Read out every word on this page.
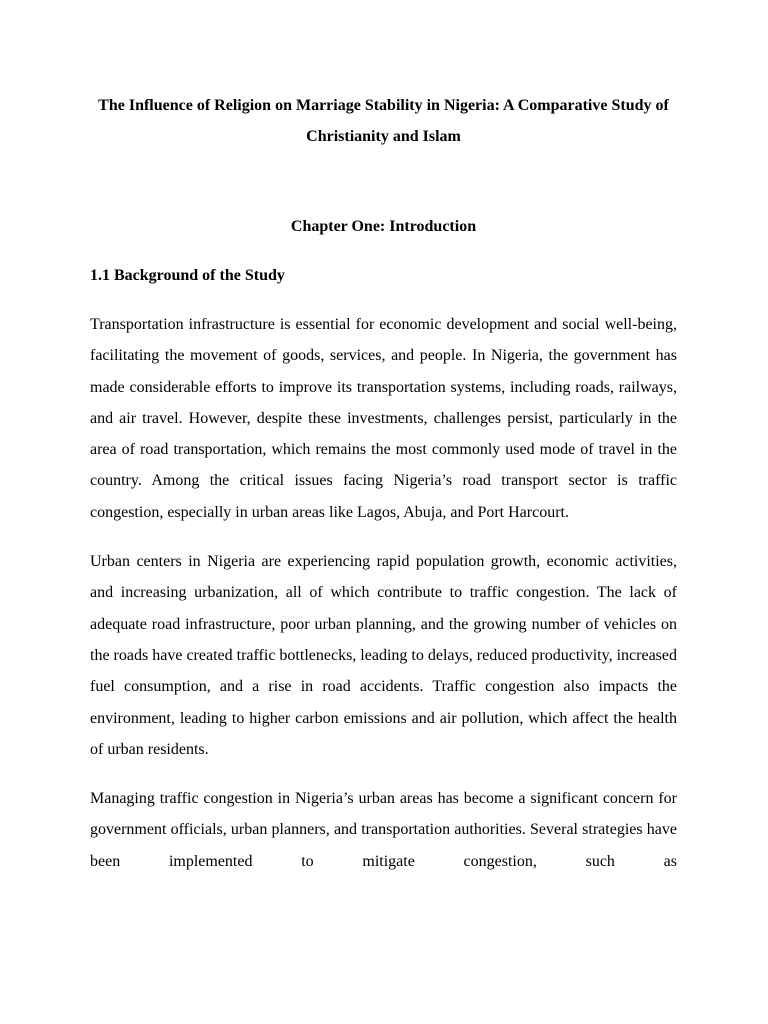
The Influence of Religion on Marriage Stability in Nigeria: A Comparative Study of Christianity and Islam
Chapter One: Introduction
1.1 Background of the Study

Transportation infrastructure is essential for economic development and social well-being, facilitating the movement of goods, services, and people. In Nigeria, the government has made considerable efforts to improve its transportation systems, including roads, railways, and air travel. However, despite these investments, challenges persist, particularly in the area of road transportation, which remains the most commonly used mode of travel in the country. Among the critical issues facing Nigeria’s road transport sector is traffic congestion, especially in urban areas like Lagos, Abuja, and Port Harcourt.

Urban centers in Nigeria are experiencing rapid population growth, economic activities, and increasing urbanization, all of which contribute to traffic congestion. The lack of adequate road infrastructure, poor urban planning, and the growing number of vehicles on the roads have created traffic bottlenecks, leading to delays, reduced productivity, increased fuel consumption, and a rise in road accidents. Traffic congestion also impacts the environment, leading to higher carbon emissions and air pollution, which affect the health of urban residents.

Managing traffic congestion in Nigeria’s urban areas has become a significant concern for government officials, urban planners, and transportation authorities. Several strategies have been implemented to mitigate congestion, such as
